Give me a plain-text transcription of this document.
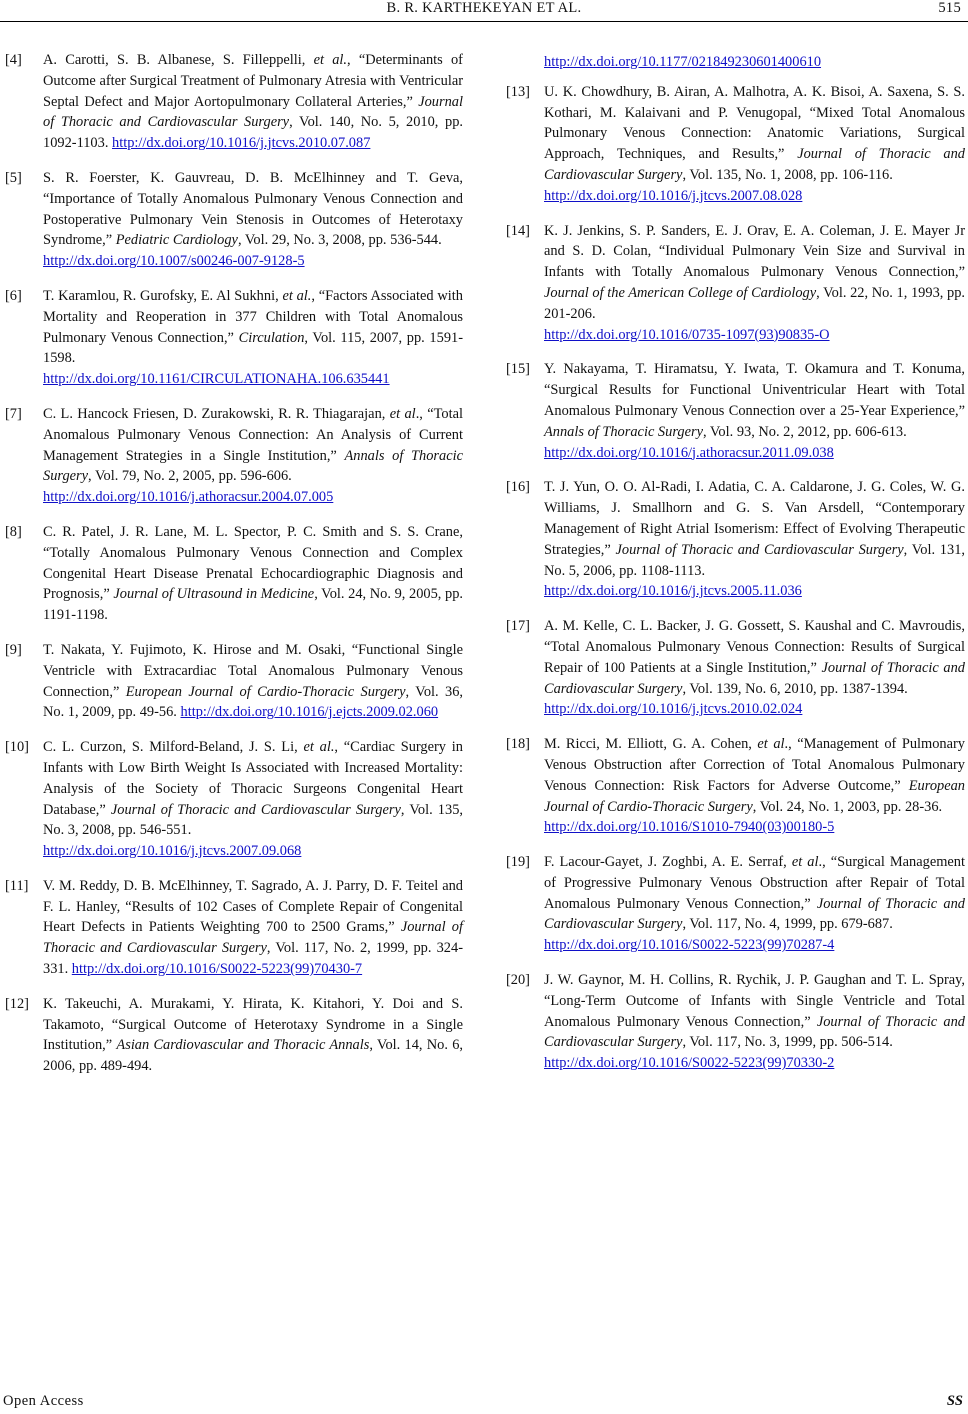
B. R. KARTHEKEYAN ET AL.	515
[4] A. Carotti, S. B. Albanese, S. Filleppelli, et al., “Determinants of Outcome after Surgical Treatment of Pulmonary Atresia with Ventricular Septal Defect and Major Aortopulmonary Collateral Arteries,” Journal of Thoracic and Cardiovascular Surgery, Vol. 140, No. 5, 2010, pp. 1092-1103. http://dx.doi.org/10.1016/j.jtcvs.2010.07.087
[5] S. R. Foerster, K. Gauvreau, D. B. McElhinney and T. Geva, “Importance of Totally Anomalous Pulmonary Venous Connection and Postoperative Pulmonary Vein Stenosis in Outcomes of Heterotaxy Syndrome,” Pediatric Cardiology, Vol. 29, No. 3, 2008, pp. 536-544.
http://dx.doi.org/10.1007/s00246-007-9128-5
[6] T. Karamlou, R. Gurofsky, E. Al Sukhni, et al., “Factors Associated with Mortality and Reoperation in 377 Children with Total Anomalous Pulmonary Venous Connection,” Circulation, Vol. 115, 2007, pp. 1591-1598.
http://dx.doi.org/10.1161/CIRCULATIONAHA.106.635441
[7] C. L. Hancock Friesen, D. Zurakowski, R. R. Thiagarajan, et al., “Total Anomalous Pulmonary Venous Connection: An Analysis of Current Management Strategies in a Single Institution,” Annals of Thoracic Surgery, Vol. 79, No. 2, 2005, pp. 596-606.
http://dx.doi.org/10.1016/j.athoracsur.2004.07.005
[8] C. R. Patel, J. R. Lane, M. L. Spector, P. C. Smith and S. S. Crane, “Totally Anomalous Pulmonary Venous Connection and Complex Congenital Heart Disease Prenatal Echocardiographic Diagnosis and Prognosis,” Journal of Ultrasound in Medicine, Vol. 24, No. 9, 2005, pp. 1191-1198.
[9] T. Nakata, Y. Fujimoto, K. Hirose and M. Osaki, “Functional Single Ventricle with Extracardiac Total Anomalous Pulmonary Venous Connection,” European Journal of Cardio-Thoracic Surgery, Vol. 36, No. 1, 2009, pp. 49-56. http://dx.doi.org/10.1016/j.ejcts.2009.02.060
[10] C. L. Curzon, S. Milford-Beland, J. S. Li, et al., “Cardiac Surgery in Infants with Low Birth Weight Is Associated with Increased Mortality: Analysis of the Society of Thoracic Surgeons Congenital Heart Database,” Journal of Thoracic and Cardiovascular Surgery, Vol. 135, No. 3, 2008, pp. 546-551.
http://dx.doi.org/10.1016/j.jtcvs.2007.09.068
[11] V. M. Reddy, D. B. McElhinney, T. Sagrado, A. J. Parry, D. F. Teitel and F. L. Hanley, “Results of 102 Cases of Complete Repair of Congenital Heart Defects in Patients Weighting 700 to 2500 Grams,” Journal of Thoracic and Cardiovascular Surgery, Vol. 117, No. 2, 1999, pp. 324-331. http://dx.doi.org/10.1016/S0022-5223(99)70430-7
[12] K. Takeuchi, A. Murakami, Y. Hirata, K. Kitahori, Y. Doi and S. Takamoto, “Surgical Outcome of Heterotaxy Syndrome in a Single Institution,” Asian Cardiovascular and Thoracic Annals, Vol. 14, No. 6, 2006, pp. 489-494.
http://dx.doi.org/10.1177/021849230601400610
[13] U. K. Chowdhury, B. Airan, A. Malhotra, A. K. Bisoi, A. Saxena, S. S. Kothari, M. Kalaivani and P. Venugopal, “Mixed Total Anomalous Pulmonary Venous Connection: Anatomic Variations, Surgical Approach, Techniques, and Results,” Journal of Thoracic and Cardiovascular Surgery, Vol. 135, No. 1, 2008, pp. 106-116.
http://dx.doi.org/10.1016/j.jtcvs.2007.08.028
[14] K. J. Jenkins, S. P. Sanders, E. J. Orav, E. A. Coleman, J. E. Mayer Jr and S. D. Colan, “Individual Pulmonary Vein Size and Survival in Infants with Totally Anomalous Pulmonary Venous Connection,” Journal of the American College of Cardiology, Vol. 22, No. 1, 1993, pp. 201-206.
http://dx.doi.org/10.1016/0735-1097(93)90835-O
[15] Y. Nakayama, T. Hiramatsu, Y. Iwata, T. Okamura and T. Konuma, “Surgical Results for Functional Univentricular Heart with Total Anomalous Pulmonary Venous Connection over a 25-Year Experience,” Annals of Thoracic Surgery, Vol. 93, No. 2, 2012, pp. 606-613.
http://dx.doi.org/10.1016/j.athoracsur.2011.09.038
[16] T. J. Yun, O. O. Al-Radi, I. Adatia, C. A. Caldarone, J. G. Coles, W. G. Williams, J. Smallhorn and G. S. Van Arsdell, “Contemporary Management of Right Atrial Isomerism: Effect of Evolving Therapeutic Strategies,” Journal of Thoracic and Cardiovascular Surgery, Vol. 131, No. 5, 2006, pp. 1108-1113.
http://dx.doi.org/10.1016/j.jtcvs.2005.11.036
[17] A. M. Kelle, C. L. Backer, J. G. Gossett, S. Kaushal and C. Mavroudis, “Total Anomalous Pulmonary Venous Connection: Results of Surgical Repair of 100 Patients at a Single Institution,” Journal of Thoracic and Cardiovascular Surgery, Vol. 139, No. 6, 2010, pp. 1387-1394.
http://dx.doi.org/10.1016/j.jtcvs.2010.02.024
[18] M. Ricci, M. Elliott, G. A. Cohen, et al., “Management of Pulmonary Venous Obstruction after Correction of Total Anomalous Pulmonary Venous Connection: Risk Factors for Adverse Outcome,” European Journal of Cardio-Thoracic Surgery, Vol. 24, No. 1, 2003, pp. 28-36.
http://dx.doi.org/10.1016/S1010-7940(03)00180-5
[19] F. Lacour-Gayet, J. Zoghbi, A. E. Serraf, et al., “Surgical Management of Progressive Pulmonary Venous Obstruction after Repair of Total Anomalous Pulmonary Venous Connection,” Journal of Thoracic and Cardiovascular Surgery, Vol. 117, No. 4, 1999, pp. 679-687.
http://dx.doi.org/10.1016/S0022-5223(99)70287-4
[20] J. W. Gaynor, M. H. Collins, R. Rychik, J. P. Gaughan and T. L. Spray, “Long-Term Outcome of Infants with Single Ventricle and Total Anomalous Pulmonary Venous Connection,” Journal of Thoracic and Cardiovascular Surgery, Vol. 117, No. 3, 1999, pp. 506-514.
http://dx.doi.org/10.1016/S0022-5223(99)70330-2
Open Access	SS
